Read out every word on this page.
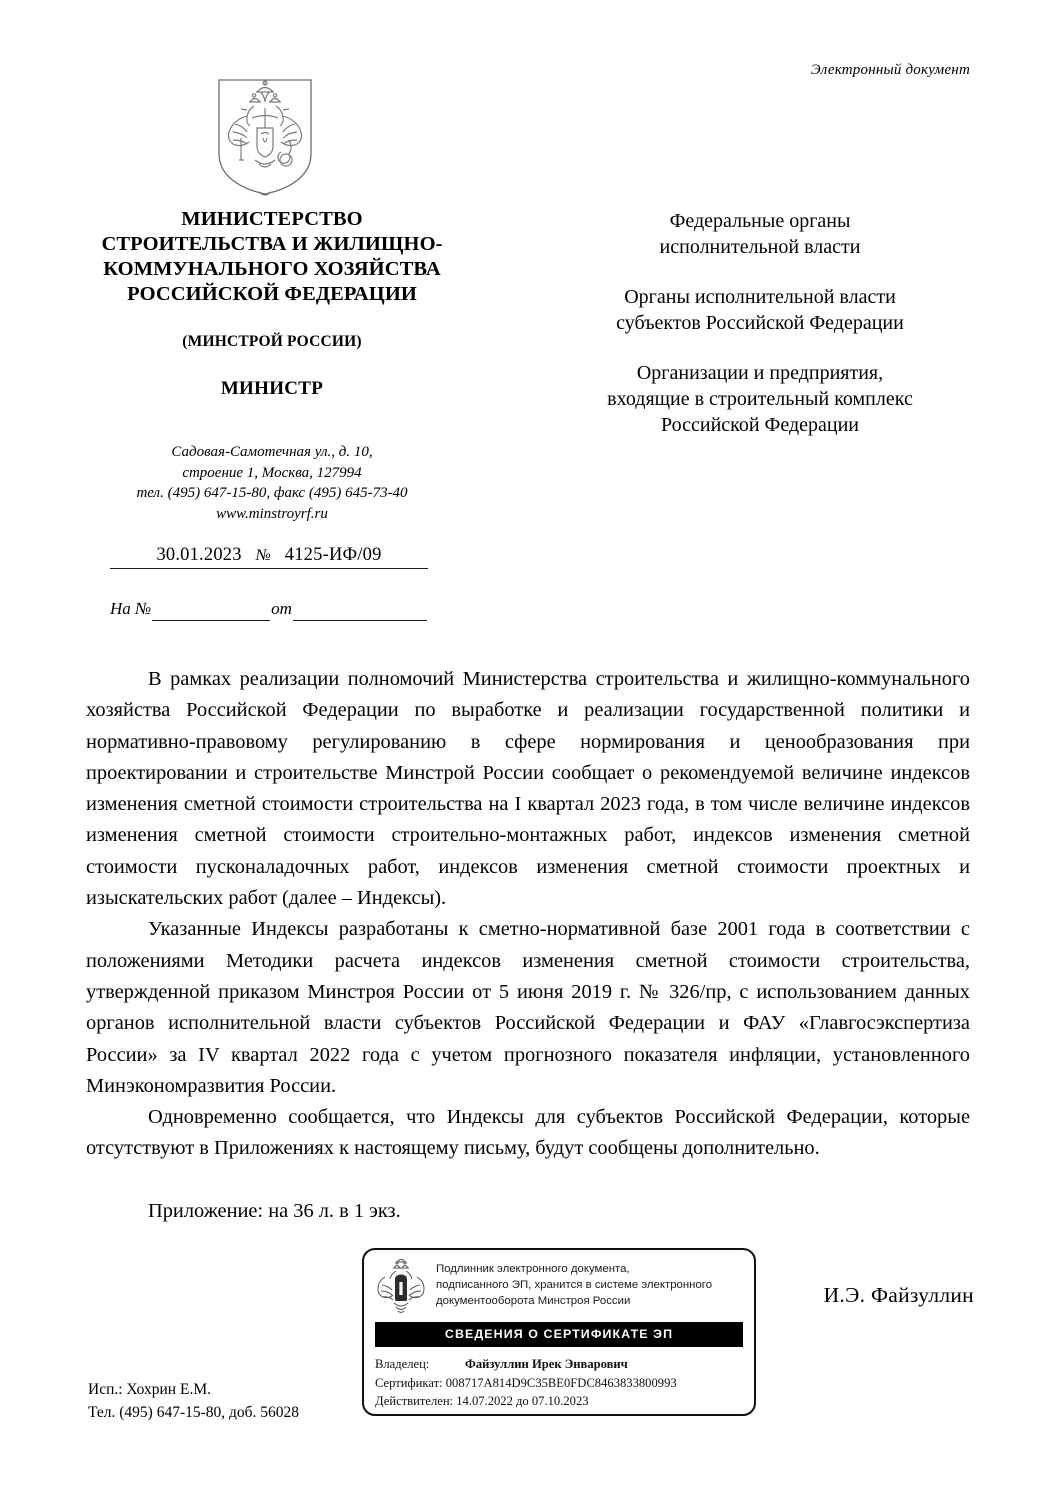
Электронный документ
МИНИСТЕРСТВО
СТРОИТЕЛЬСТВА И ЖИЛИЩНО-
КОММУНАЛЬНОГО ХОЗЯЙСТВА
РОССИЙСКОЙ ФЕДЕРАЦИИ
(МИНСТРОЙ РОССИИ)
МИНИСТР
Садовая-Самотечная ул., д. 10,
строение 1, Москва, 127994
тел. (495) 647-15-80, факс (495) 645-73-40
www.minstroyrf.ru
30.01.2023 № 4125-ИФ/09
На №	от
Федеральные органы
исполнительной власти
Органы исполнительной власти
субъектов Российской Федерации
Организации и предприятия,
входящие в строительный комплекс
Российской Федерации

В рамках реализации полномочий Министерства строительства и жилищно-коммунального хозяйства Российской Федерации по выработке и реализации государственной политики и нормативно-правовому регулированию в сфере нормирования и ценообразования при проектировании и строительстве Минстрой России сообщает о рекомендуемой величине индексов изменения сметной стоимости строительства на I квартал 2023 года, в том числе величине индексов изменения сметной стоимости строительно-монтажных работ, индексов изменения сметной стоимости пусконаладочных работ, индексов изменения сметной стоимости проектных и изыскательских работ (далее – Индексы).

Указанные Индексы разработаны к сметно-нормативной базе 2001 года в соответствии с положениями Методики расчета индексов изменения сметной стоимости строительства, утвержденной приказом Минстроя России от 5 июня 2019 г. № 326/пр, с использованием данных органов исполнительной власти субъектов Российской Федерации и ФАУ «Главгосэкспертиза России» за IV квартал 2022 года с учетом прогнозного показателя инфляции, установленного Минэкономразвития России.

Одновременно сообщается, что Индексы для субъектов Российской Федерации, которые отсутствуют в Приложениях к настоящему письму, будут сообщены дополнительно.

Приложение: на 36 л. в 1 экз.

И.Э. Файзуллин
Подлинник электронного документа,
подписанного ЭП, хранится в системе электронного
документооборота Минстроя России
СВЕДЕНИЯ О СЕРТИФИКАТЕ ЭП
Владелец:	Файзуллин Ирек Энварович
Сертификат: 008717A814D9C35BE0FDC8463833800993
Действителен: 14.07.2022 до 07.10.2023
Исп.: Хохрин Е.М.
Тел. (495) 647-15-80, доб. 56028
